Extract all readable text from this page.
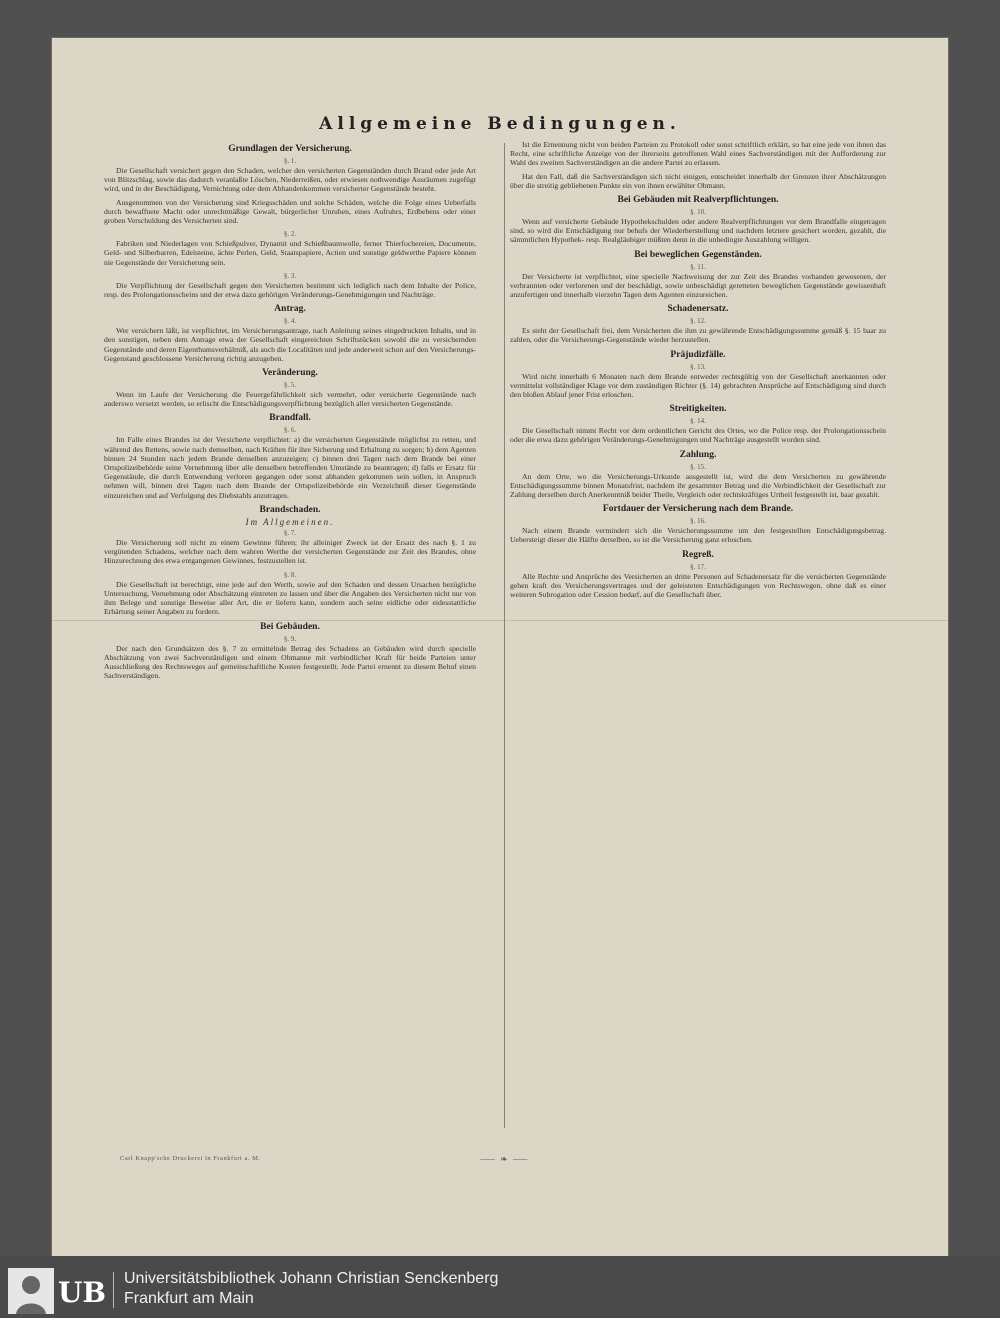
Allgemeine Bedingungen.
Grundlagen der Versicherung.
§. 1.
Die Gesellschaft versichert gegen den Schaden, welcher den versicherten Gegenständen durch Brand oder jede Art von Blitzschlag, sowie das dadurch veranlaßte Löschen, Niederreißen, oder erwiesen nothwendige Ausräumen zugefügt wird, und in der Beschädigung, Vernichtung oder dem Abhandenkommen versicherter Gegenstände besteht.
Ausgenommen von der Versicherung sind Kriegsschäden und solche Schäden, welche die Folge eines Ueberfalls durch bewaffnete Macht oder unrechtmäßige Gewalt, bürgerlicher Unruhen, eines Aufruhrs, Erdbebens oder einer groben Verschuldung des Versicherten sind.
§. 2.
Fabriken und Niederlagen von Schießpulver, Dynamit und Schießbaumwolle, ferner Thierfochereien, Documente, Geld- und Silberbarren, Edelsteine, ächte Perlen, Geld, Staatspapiere, Actien und sonstige geldwerthe Papiere können nie Gegenstände der Versicherung sein.
§. 3.
Die Verpflichtung der Gesellschaft gegen den Versicherten bestimmt sich lediglich nach dem Inhalte der Police, resp. des Prolongationsscheins und der etwa dazu gehörigen Veränderungs-Genehmigungen und Nachträge.
Antrag.
§. 4.
Wer versichern läßt, ist verpflichtet, im Versicherungsantrage, nach Anleitung seines eingedruckten Inhalts, und in den sonstigen, neben dem Antrage etwa der Gesellschaft eingereichten Schriftstücken sowohl die zu versichernden Gegenstände und deren Eigenthumsverhältniß, als auch die Localitäten und jede anderweit schon auf den Versicherungs-Gegenstand geschlossene Versicherung richtig anzugeben.
Veränderung.
§. 5.
Wenn im Laufe der Versicherung die Feuergefährlichkeit sich vermehrt, oder versicherte Gegenstände nach anderswo versetzt werden, so erlischt die Entschädigungsverpflichtung bezüglich aller versicherten Gegenstände.
Brandfall.
§. 6.
Im Falle eines Brandes ist der Versicherte verpflichtet: a) die versicherten Gegenstände möglichst zu retten, und während des Rettens, sowie nach demselben, nach Kräften für ihre Sicherung und Erhaltung zu sorgen; b) dem Agenten binnen 24 Stunden nach jedem Brande denselben anzuzeigen; c) binnen drei Tagen nach dem Brande bei einer Ortspolizeibehörde seine Vernehmung über alle denselben betreffenden Umstände zu beantragen; d) falls er Ersatz für Gegenstände, die durch Entwendung verloren gegangen oder sonst abhanden gekommen sein sollen, in Anspruch nehmen will, binnen drei Tagen nach dem Brande der Ortspolizeibehörde ein Verzeichniß dieser Gegenstände einzureichen und auf Verfolgung des Diebstahls anzutragen.
Brandschaden.
Im Allgemeinen.
§. 7.
Die Versicherung soll nicht zu einem Gewinne führen; ihr alleiniger Zweck ist der Ersatz des nach §. 1 zu vergütenden Schadens, welcher nach dem wahren Werthe der versicherten Gegenstände zur Zeit des Brandes, ohne Hinzurechnung des etwa entgangenen Gewinnes, festzustellen ist.
§. 8.
Die Gesellschaft ist berechtigt, eine jede auf den Werth, sowie auf den Schaden und dessen Ursachen bezügliche Untersuchung, Vernehmung oder Abschätzung eintreten zu lassen und über die Angaben des Versicherten nicht nur von ihm Belege und sonstige Beweise aller Art, die er liefern kann, sondern auch seine eidliche oder eidesstattliche Erhärtung seiner Angaben zu fordern.
Bei Gebäuden.
§. 9.
Der nach den Grundsätzen des §. 7 zu ermittelnde Betrag des Schadens an Gebäuden wird durch specielle Abschätzung von zwei Sachverständigen und einem Obmanne mit verbindlicher Kraft für beide Parteien unter Ausschließung des Rechtsweges auf gemeinschaftliche Kosten festgestellt. Jede Partei ernennt zu diesem Behuf einen Sachverständigen.
Ist die Ernennung nicht von beiden Parteien zu Protokoll oder sonst schriftlich erklärt, so hat eine jede von ihnen das Recht, eine schriftliche Anzeige von der ihrerseits getroffenen Wahl eines Sachverständigen mit der Aufforderung zur Wahl des zweiten Sachverständigen an die andere Partei zu erlassen.
Hat den Fall, daß die Sachverständigen sich nicht einigen, entscheidet innerhalb der Grenzen ihrer Abschätzungen über die streitig gebliebenen Punkte ein von ihnen erwählter Obmann.
Bei Gebäuden mit Realverpflichtungen.
§. 10.
Wenn auf versicherte Gebäude Hypothekschulden oder andere Realverpflichtungen vor dem Brandfalle eingetragen sind, so wird die Entschädigung nur behufs der Wiederherstellung und nachdem letztere gesichert worden, gezahlt, die sämmtlichen Hypothek- resp. Realgläubiger müßten denn in die unbedingte Auszahlung willigen.
Bei beweglichen Gegenständen.
§. 11.
Der Versicherte ist verpflichtet, eine specielle Nachweisung der zur Zeit des Brandes vorhanden gewesenen, der verbrannten oder verlorenen und der beschädigt, sowie unbeschädigt geretteten beweglichen Gegenstände gewissenhaft anzufertigen und innerhalb vierzehn Tagen dem Agenten einzureichen.
Schadenersatz.
§. 12.
Es steht der Gesellschaft frei, dem Versicherten die ihm zu gewährende Entschädigungssumme gemäß §. 15 baar zu zahlen, oder die Versicherungs-Gegenstände wieder herzustellen.
Präjudizfälle.
§. 13.
Wird nicht innerhalb 6 Monaten nach dem Brande entweder rechtsgültig von der Gesellschaft anerkannten oder vermittelst vollständiger Klage vor dem zuständigen Richter (§. 14) gebrachten Ansprüche auf Entschädigung sind durch den bloßen Ablauf jener Frist erloschen.
Streitigkeiten.
§. 14.
Die Gesellschaft nimmt Recht vor dem ordentlichen Gericht des Ortes, wo die Police resp. der Prolongationsschein oder die etwa dazu gehörigen Veränderungs-Genehmigungen und Nachträge ausgestellt worden sind.
Zahlung.
§. 15.
An dem Orte, wo die Versicherungs-Urkunde ausgestellt ist, wird die dem Versicherten zu gewährende Entschädigungssumme binnen Monatsfrist, nachdem ihr gesammter Betrag und die Verbindlichkeit der Gesellschaft zur Zahlung derselben durch Anerkenntniß beider Theile, Vergleich oder rechtskräftiges Urtheil festgestellt ist, baar gezahlt.
Fortdauer der Versicherung nach dem Brande.
§. 16.
Nach einem Brande vermindert sich die Versicherungssumme um den festgestellten Entschädigungsbetrag. Uebersteigt dieser die Hälfte derselben, so ist die Versicherung ganz erloschen.
Regreß.
§. 17.
Alle Rechte und Ansprüche des Versicherten an dritte Personen auf Schadenersatz für die versicherten Gegenstände gehen kraft des Versicherungsvertrages und der geleisteten Entschädigungen von Rechtswegen, ohne daß es einer weiteren Subrogation oder Cession bedarf, auf die Gesellschaft über.
Carl Knapp'sche Druckerei in Frankfurt a. M.	⸺ ❧ ⸺
UB Universitätsbibliothek Johann Christian Senckenberg
Frankfurt am Main
